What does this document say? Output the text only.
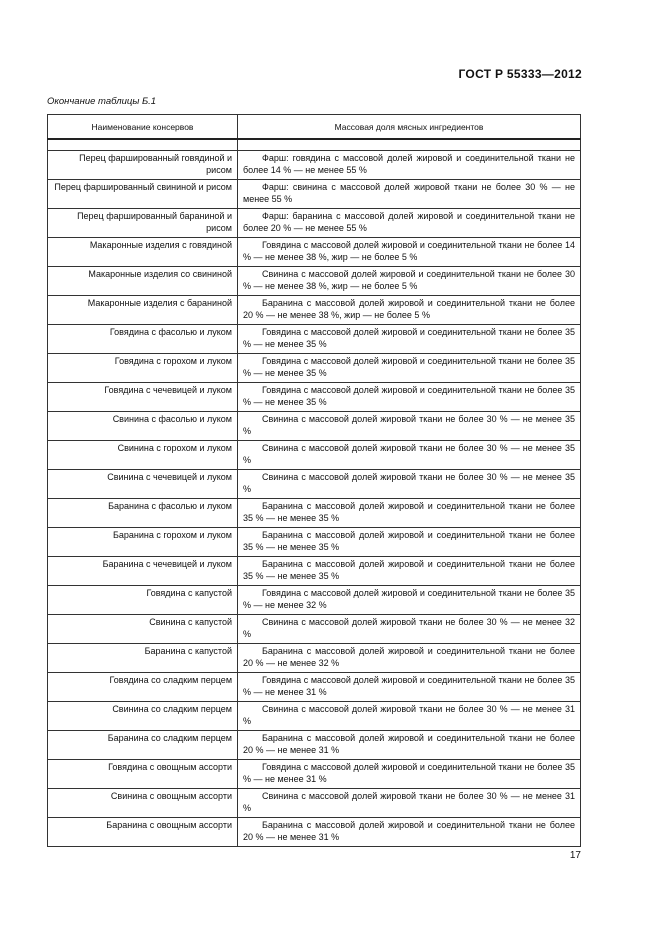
ГОСТ Р 55333—2012
Окончание таблицы Б.1
Наименование консервов	Массовая доля мясных ингредиентов

Перец фаршированный говядиной и рисом	Фарш: говядина с массовой долей жировой и соединительной ткани не более 14 % — не менее 55 %
Перец фаршированный свининой и рисом	Фарш: свинина с массовой долей жировой ткани не более 30 % — не менее 55 %
Перец фаршированный бараниной и рисом	Фарш: баранина с массовой долей жировой и соединительной ткани не более 20 % — не менее 55 %
Макаронные изделия с говядиной	Говядина с массовой долей жировой и соединительной ткани не более 14 % — не менее 38 %, жир — не более 5 %
Макаронные изделия со свининой	Свинина с массовой долей жировой и соединительной ткани не более 30 % — не менее 38 %, жир — не более 5 %
Макаронные изделия с бараниной	Баранина с массовой долей жировой и соединительной ткани не более 20 % — не менее 38 %, жир — не более 5 %
Говядина с фасолью и луком	Говядина с массовой долей жировой и соединительной ткани не более 35 % — не менее 35 %
Говядина с горохом и луком	Говядина с массовой долей жировой и соединительной ткани не более 35 % — не менее 35 %
Говядина с чечевицей и луком	Говядина с массовой долей жировой и соединительной ткани не более 35 % — не менее 35 %
Свинина с фасолью и луком	Свинина с массовой долей жировой ткани не более 30 % — не менее 35 %
Свинина с горохом и луком	Свинина с массовой долей жировой ткани не более 30 % — не менее 35 %
Свинина с чечевицей и луком	Свинина с массовой долей жировой ткани не более 30 % — не менее 35 %
Баранина с фасолью и луком	Баранина с массовой долей жировой и соединительной ткани не более 35 % — не менее 35 %
Баранина с горохом и луком	Баранина с массовой долей жировой и соединительной ткани не более 35 % — не менее 35 %
Баранина с чечевицей и луком	Баранина с массовой долей жировой и соединительной ткани не более 35 % — не менее 35 %
Говядина с капустой	Говядина с массовой долей жировой и соединительной ткани не более 35 % — не менее 32 %
Свинина с капустой	Свинина с массовой долей жировой ткани не более 30 % — не менее 32 %
Баранина с капустой	Баранина с массовой долей жировой и соединительной ткани не более 20 % — не менее 32 %
Говядина со сладким перцем	Говядина с массовой долей жировой и соединительной ткани не более 35 % — не менее 31 %
Свинина со сладким перцем	Свинина с массовой долей жировой ткани не более 30 % — не менее 31 %
Баранина со сладким перцем	Баранина с массовой долей жировой и соединительной ткани не более 20 % — не менее 31 %
Говядина с овощным ассорти	Говядина с массовой долей жировой и соединительной ткани не более 35 % — не менее 31 %
Свинина с овощным ассорти	Свинина с массовой долей жировой ткани не более 30 % — не менее 31 %
Баранина с овощным ассорти	Баранина с массовой долей жировой и соединительной ткани не более 20 % — не менее 31 %
17
